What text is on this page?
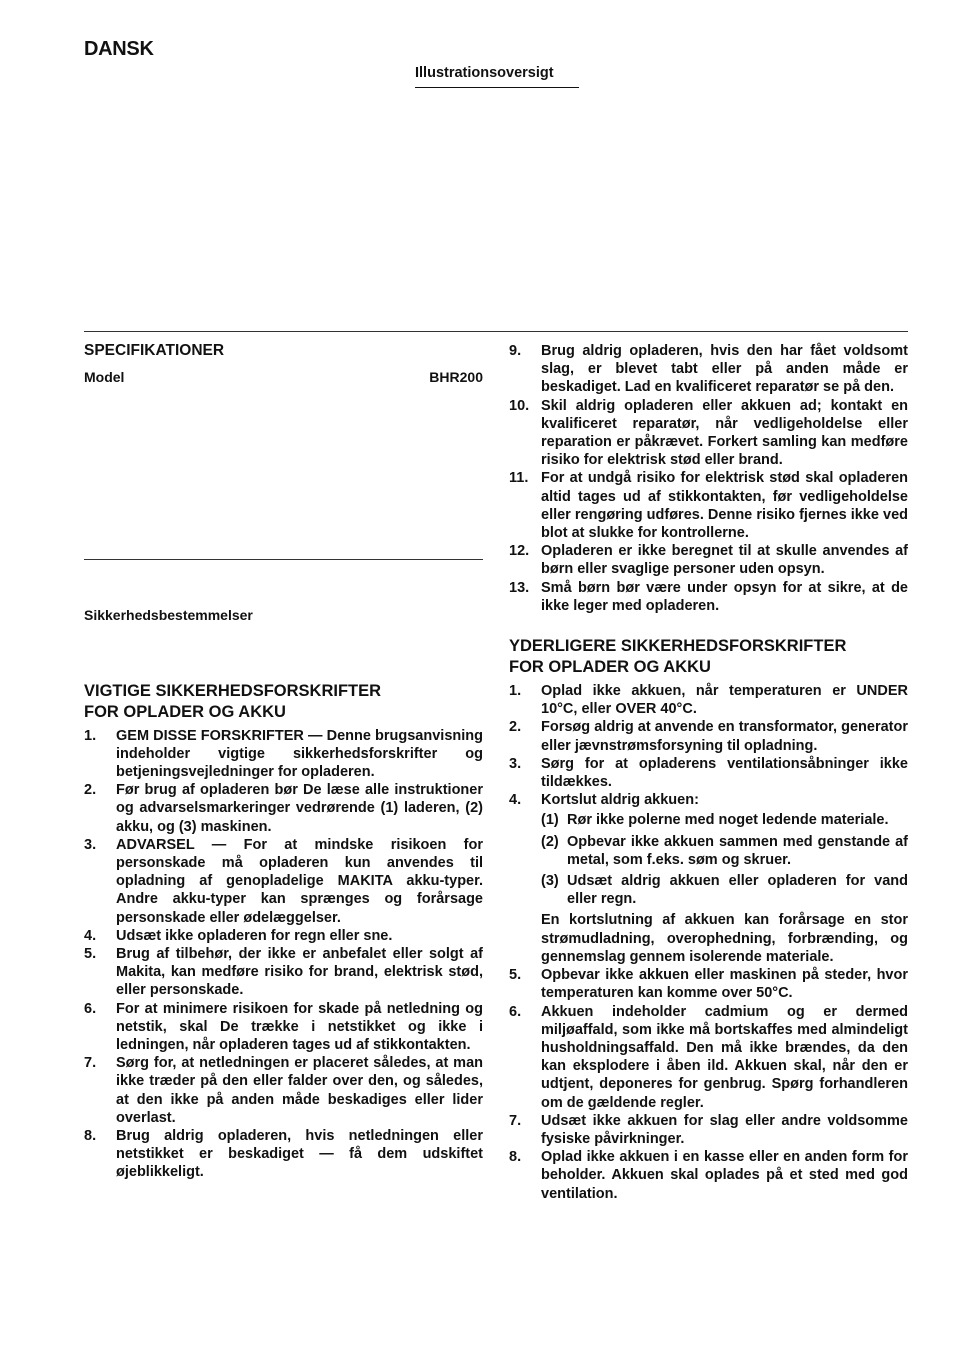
DANSK
Illustrationsoversigt
SPECIFIKATIONER
Model	BHR200
Sikkerhedsbestemmelser
VIGTIGE SIKKERHEDSFORSKRIFTER
FOR OPLADER OG AKKU
1.	GEM DISSE FORSKRIFTER — Denne brugsanvisning indeholder vigtige sikkerhedsforskrifter og betjeningsvejledninger for opladeren.
2.	Før brug af opladeren bør De læse alle instruktioner og advarselsmarkeringer vedrørende (1) laderen, (2) akku, og (3) maskinen.
3.	ADVARSEL — For at mindske risikoen for personskade må opladeren kun anvendes til opladning af genopladelige MAKITA akku-typer. Andre akku-typer kan sprænges og forårsage personskade eller ødelæggelser.
4.	Udsæt ikke opladeren for regn eller sne.
5.	Brug af tilbehør, der ikke er anbefalet eller solgt af Makita, kan medføre risiko for brand, elektrisk stød, eller personskade.
6.	For at minimere risikoen for skade på netledning og netstik, skal De trække i netstikket og ikke i ledningen, når opladeren tages ud af stikkontakten.
7.	Sørg for, at netledningen er placeret således, at man ikke træder på den eller falder over den, og således, at den ikke på anden måde beskadiges eller lider overlast.
8.	Brug aldrig opladeren, hvis netledningen eller netstikket er beskadiget — få dem udskiftet øjeblikkeligt.
9.	Brug aldrig opladeren, hvis den har fået voldsomt slag, er blevet tabt eller på anden måde er beskadiget. Lad en kvalificeret reparatør se på den.
10. Skil aldrig opladeren eller akkuen ad; kontakt en kvalificeret reparatør, når vedligeholdelse eller reparation er påkrævet. Forkert samling kan medføre risiko for elektrisk stød eller brand.
11. For at undgå risiko for elektrisk stød skal opladeren altid tages ud af stikkontakten, før vedligeholdelse eller rengøring udføres. Denne risiko fjernes ikke ved blot at slukke for kontrollerne.
12. Opladeren er ikke beregnet til at skulle anvendes af børn eller svaglige personer uden opsyn.
13. Små børn bør være under opsyn for at sikre, at de ikke leger med opladeren.
YDERLIGERE SIKKERHEDSFORSKRIFTER
FOR OPLADER OG AKKU
1.	Oplad ikke akkuen, når temperaturen er UNDER 10°C, eller OVER 40°C.
2.	Forsøg aldrig at anvende en transformator, generator eller jævnstrømsforsyning til opladning.
3.	Sørg for at opladerens ventilationsåbninger ikke tildækkes.
4.	Kortslut aldrig akkuen:
(1) Rør ikke polerne med noget ledende materiale.
(2) Opbevar ikke akkuen sammen med genstande af metal, som f.eks. søm og skruer.
(3) Udsæt aldrig akkuen eller opladeren for vand eller regn.
En kortslutning af akkuen kan forårsage en stor strømudladning, overophedning, forbrænding, og gennemslag gennem isolerende materiale.
5.	Opbevar ikke akkuen eller maskinen på steder, hvor temperaturen kan komme over 50°C.
6.	Akkuen indeholder cadmium og er dermed miljøaffald, som ikke må bortskaffes med almindeligt husholdningsaffald. Den må ikke brændes, da den kan eksplodere i åben ild. Akkuen skal, når den er udtjent, deponeres for genbrug. Spørg forhandleren om de gældende regler.
7.	Udsæt ikke akkuen for slag eller andre voldsomme fysiske påvirkninger.
8.	Oplad ikke akkuen i en kasse eller en anden form for beholder. Akkuen skal oplades på et sted med god ventilation.
